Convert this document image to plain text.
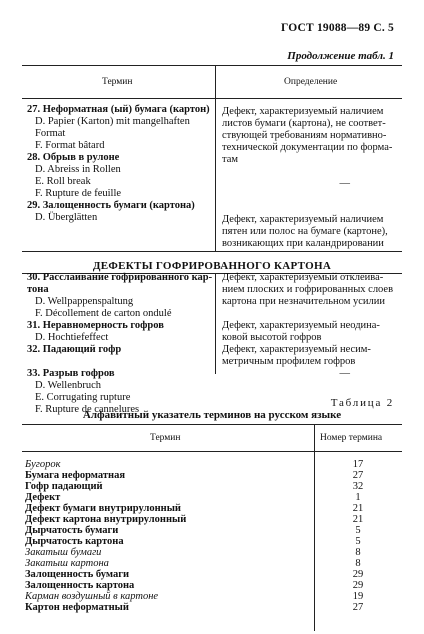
ГОСТ 19088—89 С. 5
Продолжение табл. 1
Термин	Определение
27. Неформатная (ый) бумага (картон)
D. Papier (Karton) mit mangelhaften
Format
F. Format bâtard
28. Обрыв в рулоне
D. Abreiss in Rollen
E. Roll break
F. Rupture de feuille
29. Залощенность бумаги (картона)
D. Überglätten
Дефект, характеризуемый наличием
листов бумаги (картона), не соответ-
ствующей требованиям нормативно-
технической документации по формa-
там
—
Дефект, характеризуемый наличием
пятен или полос на бумаге (картоне),
возникающих при каландрировании
ДЕФЕКТЫ ГОФРИРОВАННОГО КАРТОНА
30. Расслаивание гофрированного кар-
тона
D. Wellpappenspaltung
F. Décollement de carton ondulé
31. Неравномерность гофров
D. Hochtiefeffect
32. Падающий гофр
33. Разрыв гофров
D. Wellenbruch
E. Corrugating rupture
F. Rupture de cannelures
Дефект, характеризуемый отклеива-
нием плоских и гофрированных слоев
картона при незначительном усилии
Дефект, характеризуемый неодина-
ковой высотой гофров
Дефект, характеризуемый несим-
метричным профилем гофров
—
Таблица 2
Алфавитный указатель терминов на русском языке
Термин	Номер термина
Бугорок
Бумага неформатная
Гофр падающий
Дефект
Дефект бумаги внутрирулонный
Дефект картона внутрирулонный
Дырчатость бумаги
Дырчатость картона
Закатыш бумаги
Закатыш картона
Залощенность бумаги
Залощенность картона
Карман воздушный в картоне
Картон неформатный
17
27
32
1
21
21
5
5
8
8
29
29
19
27
